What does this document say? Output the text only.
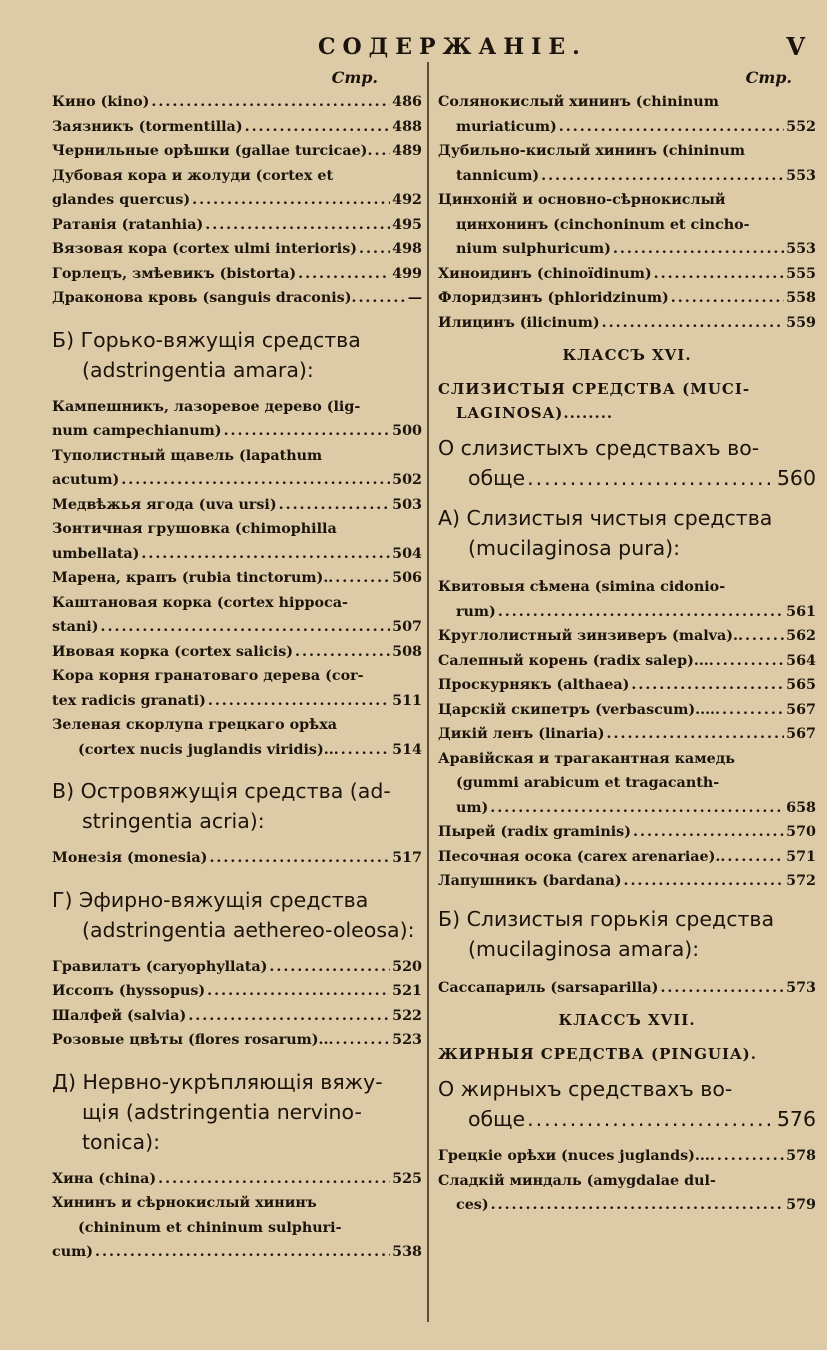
СОДЕРЖАНІЕ.	V
Стр.
Кино (kino) .....	486
Заязникъ (tormentilla) .....	488
Чернильные орѣшки (gallae turcicae). ..... 489
Дубовая кора и жолуди (cortex et
glandes quercus) .....	492
Ратанія (ratanhia) .....	495
Вязовая кора (cortex ulmi interioris) ..... 498
Горлецъ, змѣевикъ (bistorta) .....	499
Драконова кровь (sanguis draconis). .....	—
Б) Горько-вяжущія средства
(adstringentia amara):
Кампешникъ, лазоревое дерево (lig-
num campechianum) .....	500
Туполистный щавель (lapathum
acutum) .....	502
Медвѣжья ягода (uva ursi) .....	503
Зонтичная грушовка (chimophilla
umbellata) .....	504
Марена, крапъ (rubia tinctorum).. .....	506
Каштановая корка (cortex hippoca-
stani) .....	507
Ивовая корка (cortex salicis) .....	508
Кора корня гранатоваго дерева (cor-
tex radicis granati) .....	511
Зеленая скорлупа грецкаго орѣха
(cortex nucis juglandis viridis)... .....	514
В) Островяжущія средства (ad-
stringentia acria):
Монезія (monesia) .....	517
Г) Эфирно-вяжущія средства
(adstringentia aethereo-oleosa):
Гравилатъ (caryophyllata) .....	520
Иссопъ (hyssopus) .....	521
Шалфей (salvia) .....	522
Розовые цвѣты (flores rosarum)... .....	523
Д) Нервно-укрѣпляющія вяжу-
щія (adstringentia nervino-
tonica):
Хина (china) .....	525
Хининъ и сѣрнокислый хининъ
(chininum et chininum sulphuri-
cum) .....	538
Стр.
Солянокислый хининъ (chininum
muriaticum) .....	552
Дубильно-кислый хининъ (chininum
tannicum) .....	553
Цинхоній и основно-сѣрнокислый
цинхонинъ (cinchoninum et cincho-
nium sulphuricum) .....	553
Хиноидинъ (chinoïdinum) .....	555
Флоридзинъ (phloridzinum) .....	558
Илицинъ (ilicinum) .....	559
КЛАССЪ XVI.
СЛИЗИСТЫЯ СРЕДСТВА (MUCI-
LAGINOSA)........
О слизистыхъ средствахъ во-
обще .....	560
А) Слизистыя чистыя средства
(mucilaginosa pura):
Квитовыя сѣмена (simina cidonio-
rum) .....	561
Круглолистный зинзиверъ (malva).. .....	562
Салепный корень (radix salep).... .....	564
Проскурнякъ (althaea) .....	565
Царскій скипетръ (verbascum)..... .....	567
Дикій ленъ (linaria) .....	567
Аравійская и трагакантная камедь
(gummi arabicum et tragacanth-
um) .....	658
Пырей (radix graminis) .....	570
Песочная осока (carex arenariae).. .....	571
Лапушникъ (bardana) .....	572
Б) Слизистыя горькія средства
(mucilaginosa amara):
Сассапариль (sarsaparilla) .....	573
КЛАССЪ XVII.
ЖИРНЫЯ СРЕДСТВА (PINGUIA).
О жирныхъ средствахъ во-
обще .....	576
Грецкіе орѣхи (nuces juglands).... .....	578
Сладкій миндаль (amygdalae dul-
ces) .....	579
